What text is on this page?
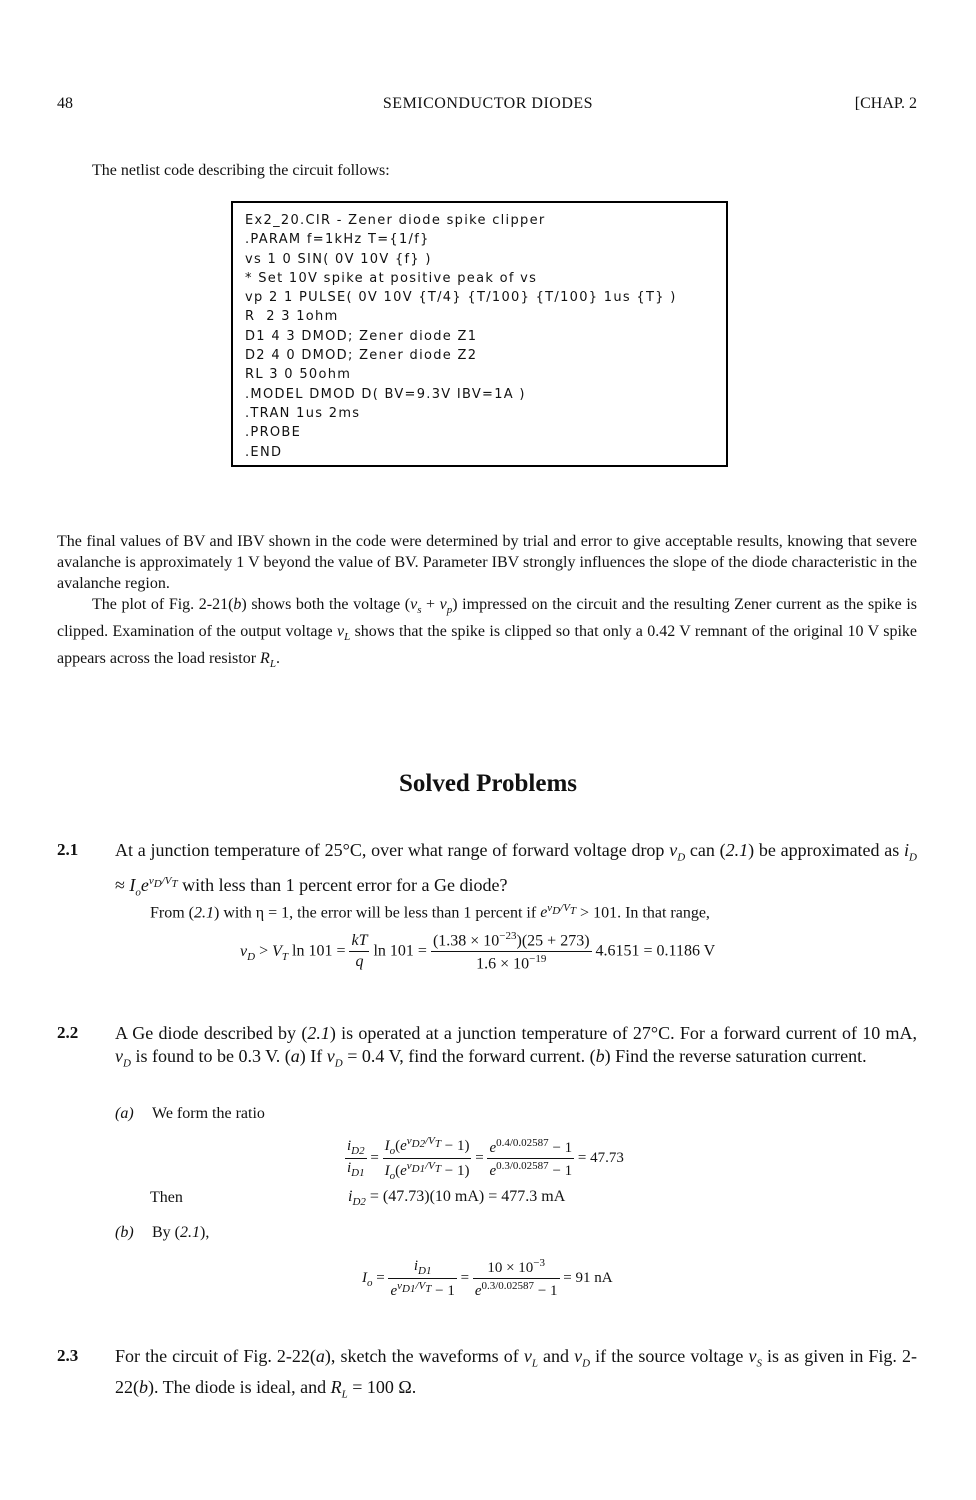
48	SEMICONDUCTOR DIODES	[CHAP. 2
The netlist code describing the circuit follows:
Ex2_20.CIR - Zener diode spike clipper
.PARAM f=1kHz T={1/f}
vs 1 0 SIN( 0V 10V {f} )
* Set 10V spike at positive peak of vs
vp 2 1 PULSE( 0V 10V {T/4} {T/100} {T/100} 1us {T} )
R  2 3 1ohm
D1 4 3 DMOD; Zener diode Z1
D2 4 0 DMOD; Zener diode Z2
RL 3 0 50ohm
.MODEL DMOD D( BV=9.3V IBV=1A )
.TRAN 1us 2ms
.PROBE
.END
The final values of BV and IBV shown in the code were determined by trial and error to give acceptable results, knowing that severe avalanche is approximately 1 V beyond the value of BV. Parameter IBV strongly influences the slope of the diode characteristic in the avalanche region.
The plot of Fig. 2-21(b) shows both the voltage $(v_s + v_p)$ impressed on the circuit and the resulting Zener current as the spike is clipped. Examination of the output voltage $v_L$ shows that the spike is clipped so that only a 0.42 V remnant of the original 10 V spike appears across the load resistor $R_L$.
Solved Problems
2.1 At a junction temperature of 25°C, over what range of forward voltage drop $v_D$ can (2.1) be approximated as $i_D \approx I_oe^{v_D/V_T}$ with less than 1 percent error for a Ge diode?
From (2.1) with η = 1, the error will be less than 1 percent if $e^{v_D/V_T} > 101$. In that range,
$v_D > V_T$ $\ln 101 = \frac{kT}{q}$ $\ln 101 = \frac{(1.38 \times 10^{-23})(25 + 273)}{1.6 \times 10^{-19}} 4.6151 = 0.1186$ V
2.2 A Ge diode described by (2.1) is operated at a junction temperature of 27°C. For a forward current of 10 mA, $v_D$ is found to be 0.3 V. (a) If $v_D = 0.4$ V, find the forward current. (b) Find the reverse saturation current.
(a) We form the ratio
$\frac{i_{D2}}{i_{D1}} = \frac{I_o(e^{v_{D2}/V_T} - 1)}{I_o(e^{v_{D1}/V_T} - 1)} = \frac{e^{0.4/0.02587} - 1}{e^{0.3/0.02587} - 1} = 47.73$
Then	$i_{D2} = (47.73)(10$ mA) = 477.3 mA
(b) By (2.1),
$I_o = \frac{i_{D1}}{e^{v_{D1}/V_T} - 1} = \frac{10 \times 10^{-3}}{e^{0.3/0.02587} - 1} = 91$ nA
2.3 For the circuit of Fig. 2-22(a), sketch the waveforms of $v_L$ and $v_D$ if the source voltage $v_S$ is as given in Fig. 2-22(b). The diode is ideal, and $R_L = 100$ Ω.
